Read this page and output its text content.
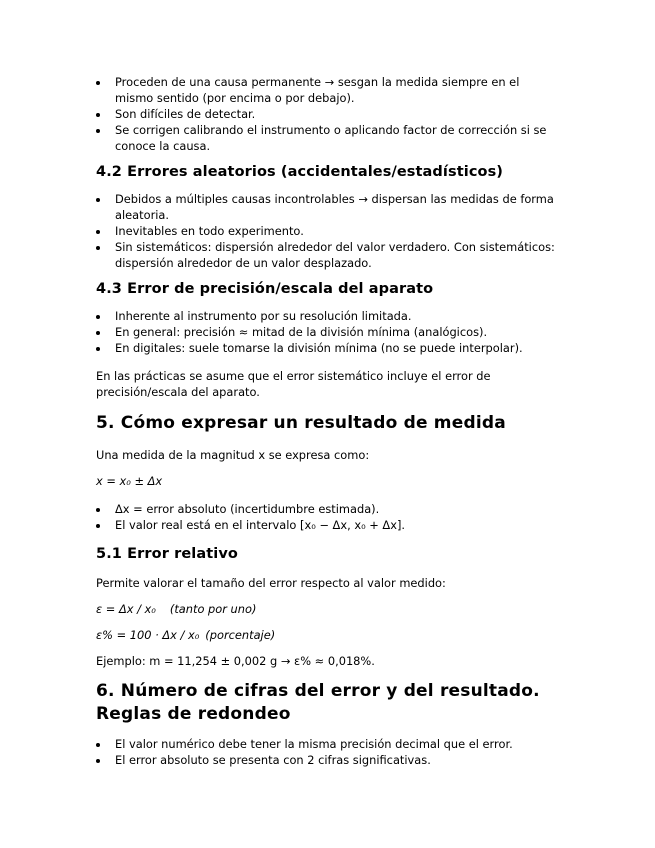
Proceden de una causa permanente → sesgan la medida siempre en el mismo sentido (por encima o por debajo).
Son difíciles de detectar.
Se corrigen calibrando el instrumento o aplicando factor de corrección si se conoce la causa.
4.2 Errores aleatorios (accidentales/estadísticos)
Debidos a múltiples causas incontrolables → dispersan las medidas de forma aleatoria.
Inevitables en todo experimento.
Sin sistemáticos: dispersión alrededor del valor verdadero. Con sistemáticos: dispersión alrededor de un valor desplazado.
4.3 Error de precisión/escala del aparato
Inherente al instrumento por su resolución limitada.
En general: precisión ≈ mitad de la división mínima (analógicos).
En digitales: suele tomarse la división mínima (no se puede interpolar).

En las prácticas se asume que el error sistemático incluye el error de precisión/escala del aparato.

5. Cómo expresar un resultado de medida

Una medida de la magnitud x se expresa como:

x = x₀ ± Δx

Δx = error absoluto (incertidumbre estimada).
El valor real está en el intervalo [x₀ − Δx, x₀ + Δx].
5.1 Error relativo

Permite valorar el tamaño del error respecto al valor medido:

ε = Δx / x₀ (tanto por uno)

ε% = 100 · Δx / x₀ (porcentaje)

Ejemplo: m = 11,254 ± 0,002 g → ε% ≈ 0,018%.

6. Número de cifras del error y del resultado. Reglas de redondeo
El valor numérico debe tener la misma precisión decimal que el error.
El error absoluto se presenta con 2 cifras significativas.
